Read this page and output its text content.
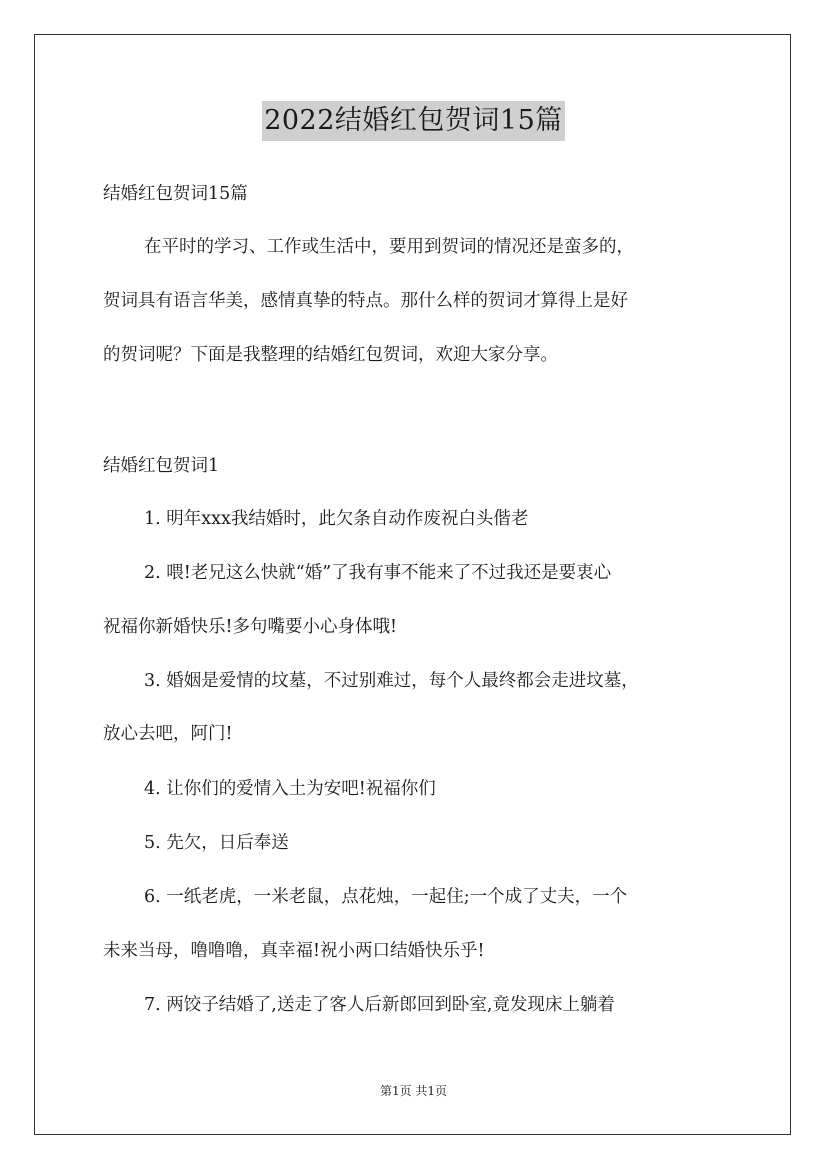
2022结婚红包贺词15篇
结婚红包贺词15篇
在平时的学习、工作或生活中，要用到贺词的情况还是蛮多的，
贺词具有语言华美，感情真挚的特点。那什么样的贺词才算得上是好
的贺词呢？下面是我整理的结婚红包贺词，欢迎大家分享。
结婚红包贺词1
1. 明年xxx我结婚时，此欠条自动作废祝白头偕老
2. 喂!老兄这么快就“婚”了我有事不能来了不过我还是要衷心
祝福你新婚快乐!多句嘴要小心身体哦!
3. 婚姻是爱情的坟墓，不过别难过，每个人最终都会走进坟墓，
放心去吧，阿门!
4. 让你们的爱情入土为安吧!祝福你们
5. 先欠，日后奉送
6. 一纸老虎，一米老鼠，点花烛，一起住;一个成了丈夫，一个
未来当母，噜噜噜，真幸福!祝小两口结婚快乐乎!
7. 两饺子结婚了,送走了客人后新郎回到卧室,竟发现床上躺着
第1页 共1页
